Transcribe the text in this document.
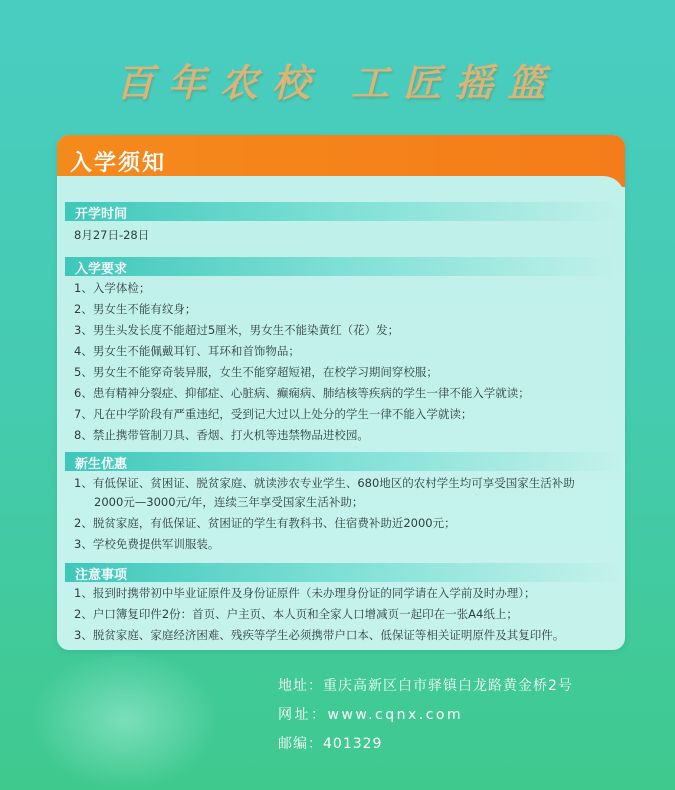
百年农校 工匠摇篮
入学须知
开学时间
8月27日-28日
入学要求
1、入学体检；
2、男女生不能有纹身；
3、男生头发长度不能超过5厘米，男女生不能染黄红（花）发；
4、男女生不能佩戴耳钉、耳环和首饰物品；
5、男女生不能穿奇装异服，女生不能穿超短裙，在校学习期间穿校服；
6、患有精神分裂症、抑郁症、心脏病、癫痫病、肺结核等疾病的学生一律不能入学就读；
7、凡在中学阶段有严重违纪，受到记大过以上处分的学生一律不能入学就读；
8、禁止携带管制刀具、香烟、打火机等违禁物品进校园。
新生优惠
1、有低保证、贫困证、脱贫家庭、就读涉农专业学生、680地区的农村学生均可享受国家生活补助
2000元—3000元/年，连续三年享受国家生活补助；
2、脱贫家庭，有低保证、贫困证的学生有教科书、住宿费补助近2000元；
3、学校免费提供军训服装。
注意事项
1、报到时携带初中毕业证原件及身份证原件（未办理身份证的同学请在入学前及时办理）；
2、户口簿复印件2份：首页、户主页、本人页和全家人口增减页一起印在一张A4纸上；
3、脱贫家庭、家庭经济困难、残疾等学生必须携带户口本、低保证等相关证明原件及其复印件。
地址：重庆高新区白市驿镇白龙路黄金桥2号
网址：www.cqnx.com
邮编：401329
